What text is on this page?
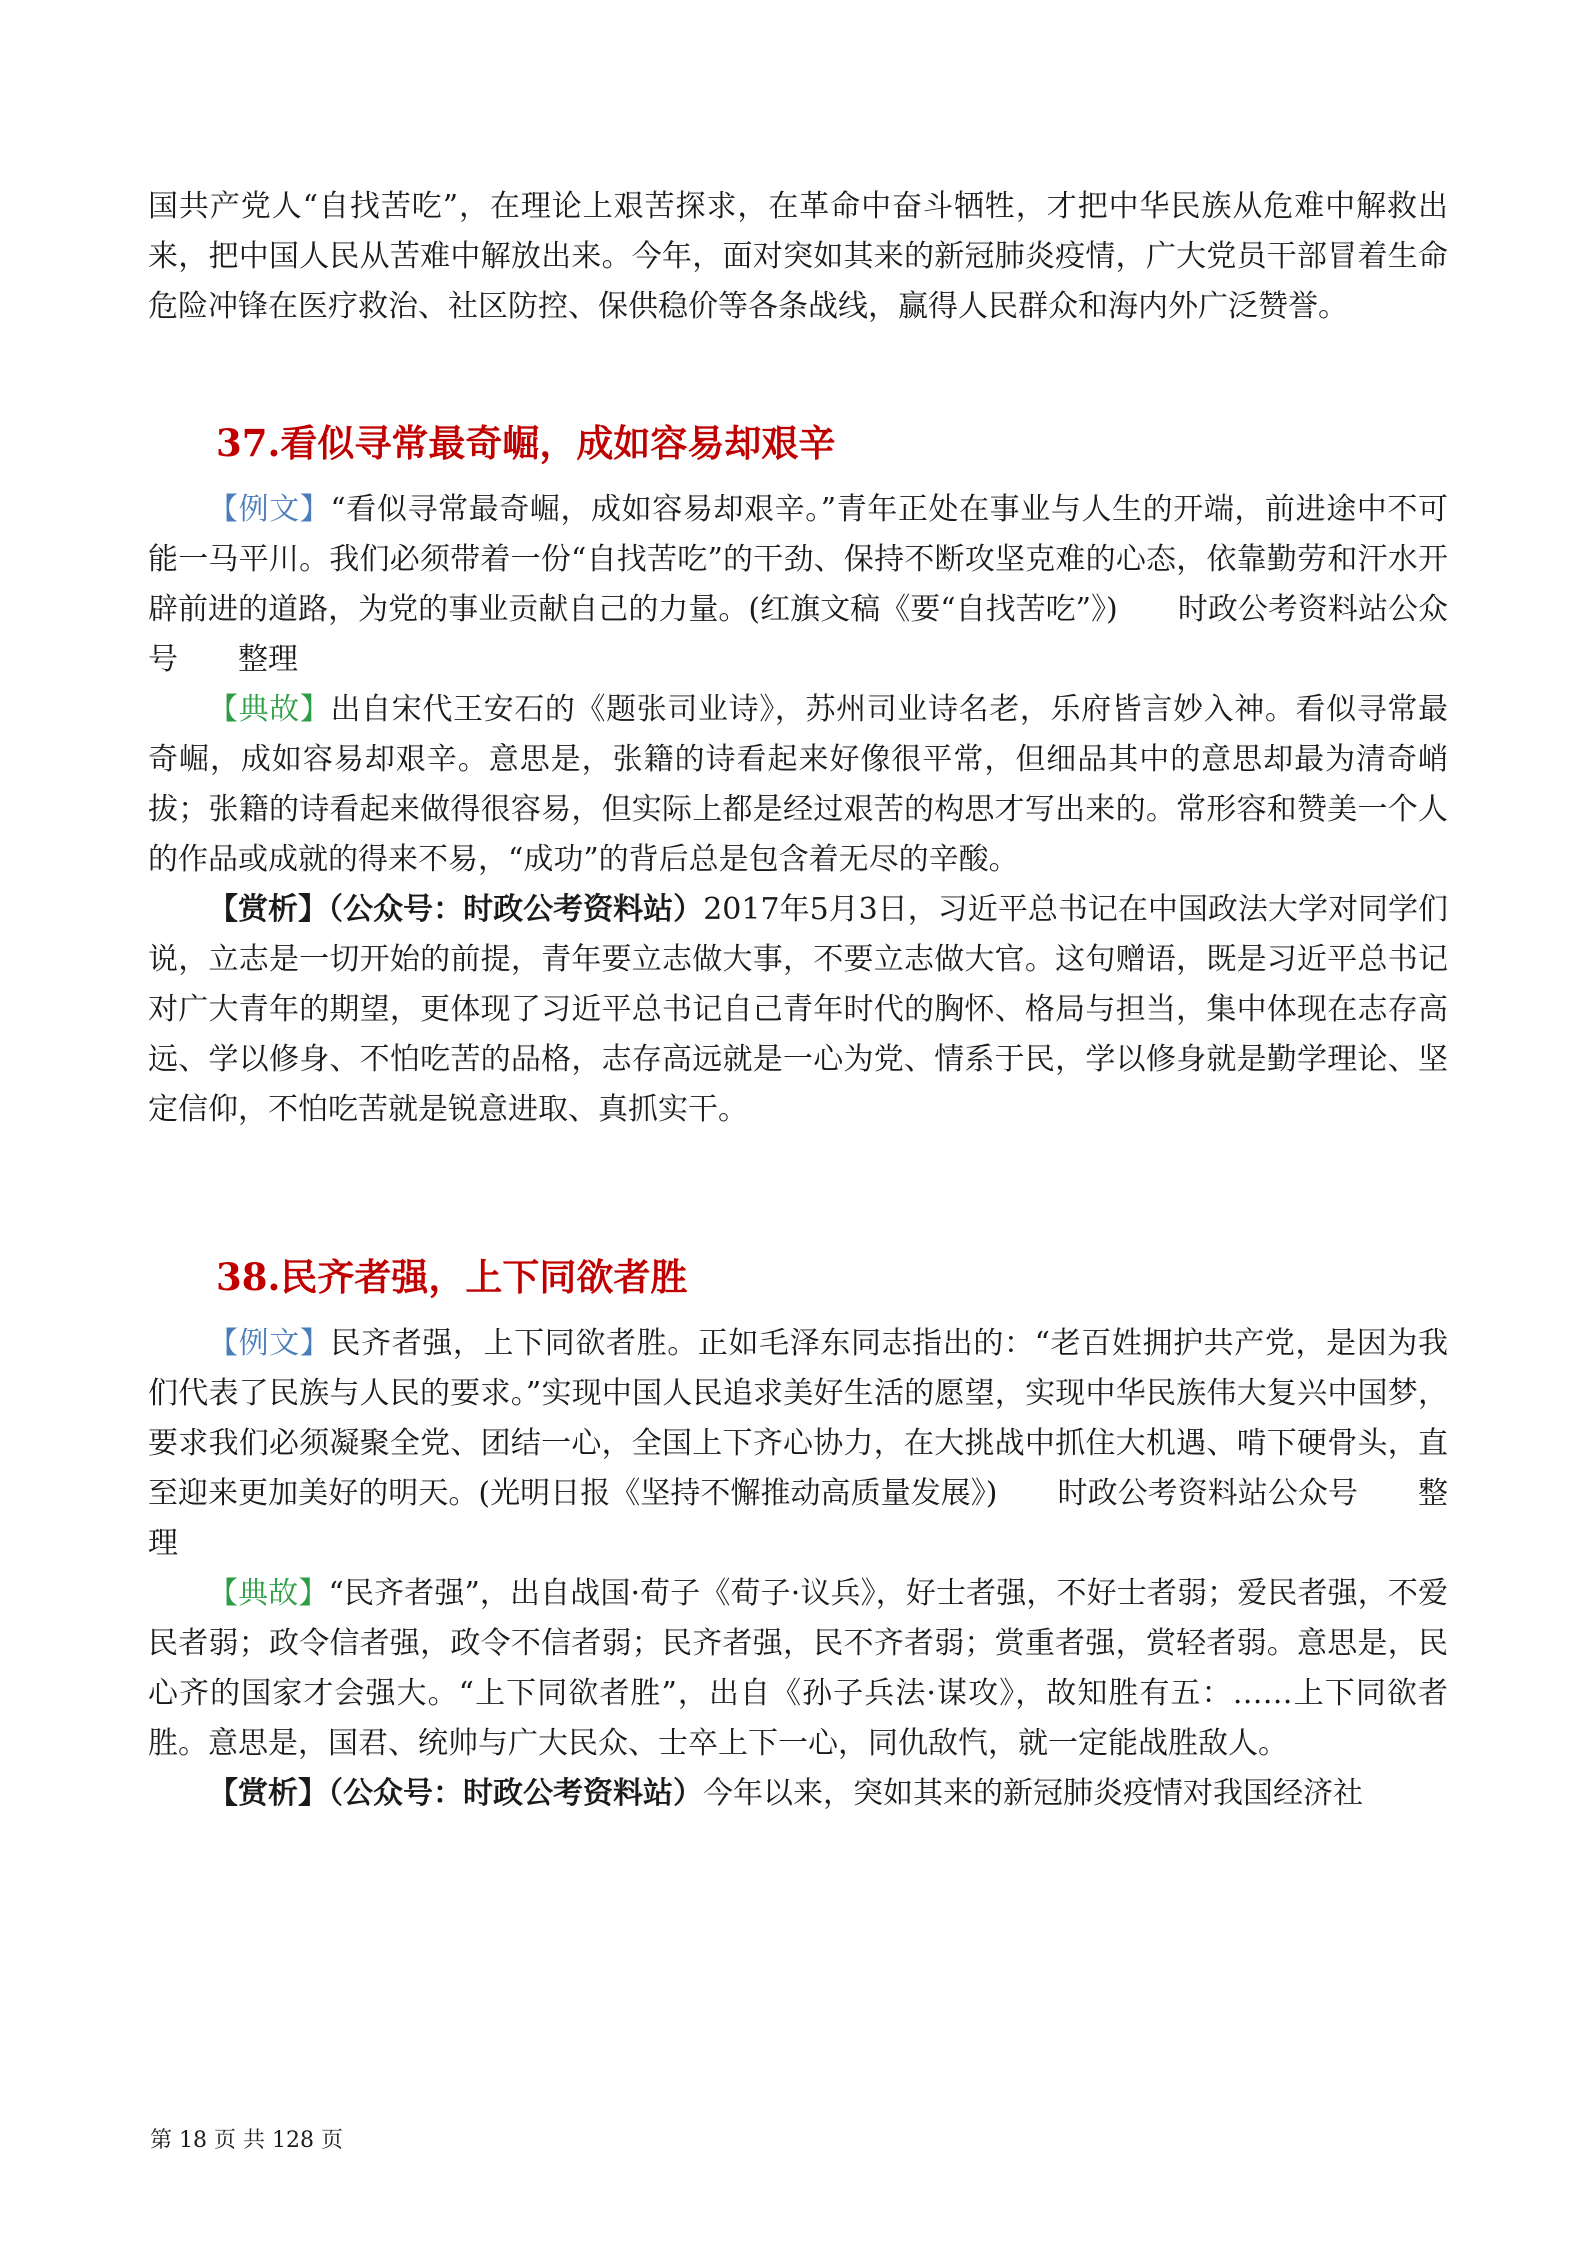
国共产党人“自找苦吃”，在理论上艰苦探求，在革命中奋斗牺牲，才把中华民族从危难中解救出来，把中国人民从苦难中解放出来。今年，面对突如其来的新冠肺炎疫情，广大党员干部冒着生命危险冲锋在医疗救治、社区防控、保供稳价等各条战线，赢得人民群众和海内外广泛赞誉。

37.看似寻常最奇崛，成如容易却艰辛

【例文】“看似寻常最奇崛，成如容易却艰辛。”青年正处在事业与人生的开端，前进途中不可能一马平川。我们必须带着一份“自找苦吃”的干劲、保持不断攻坚克难的心态，依靠勤劳和汗水开辟前进的道路，为党的事业贡献自己的力量。(红旗文稿《要“自找苦吃”》)　　时政公考资料站公众号　　整理

【典故】出自宋代王安石的《题张司业诗》，苏州司业诗名老，乐府皆言妙入神。看似寻常最奇崛，成如容易却艰辛。意思是，张籍的诗看起来好像很平常，但细品其中的意思却最为清奇峭拔；张籍的诗看起来做得很容易，但实际上都是经过艰苦的构思才写出来的。常形容和赞美一个人的作品或成就的得来不易，“成功”的背后总是包含着无尽的辛酸。

【赏析】（公众号：时政公考资料站）2017年5月3日，习近平总书记在中国政法大学对同学们说，立志是一切开始的前提，青年要立志做大事，不要立志做大官。这句赠语，既是习近平总书记对广大青年的期望，更体现了习近平总书记自己青年时代的胸怀、格局与担当，集中体现在志存高远、学以修身、不怕吃苦的品格，志存高远就是一心为党、情系于民，学以修身就是勤学理论、坚定信仰，不怕吃苦就是锐意进取、真抓实干。

38.民齐者强，上下同欲者胜

【例文】民齐者强，上下同欲者胜。正如毛泽东同志指出的：“老百姓拥护共产党，是因为我们代表了民族与人民的要求。”实现中国人民追求美好生活的愿望，实现中华民族伟大复兴中国梦，要求我们必须凝聚全党、团结一心，全国上下齐心协力，在大挑战中抓住大机遇、啃下硬骨头，直至迎来更加美好的明天。(光明日报《坚持不懈推动高质量发展》)　　时政公考资料站公众号　　整理

【典故】“民齐者强”，出自战国·荀子《荀子·议兵》，好士者强，不好士者弱；爱民者强，不爱民者弱；政令信者强，政令不信者弱；民齐者强，民不齐者弱；赏重者强，赏轻者弱。意思是，民心齐的国家才会强大。“上下同欲者胜”，出自《孙子兵法·谋攻》，故知胜有五：……上下同欲者胜。意思是，国君、统帅与广大民众、士卒上下一心，同仇敌忾，就一定能战胜敌人。

【赏析】（公众号：时政公考资料站）今年以来，突如其来的新冠肺炎疫情对我国经济社

第 18 页 共 128 页
